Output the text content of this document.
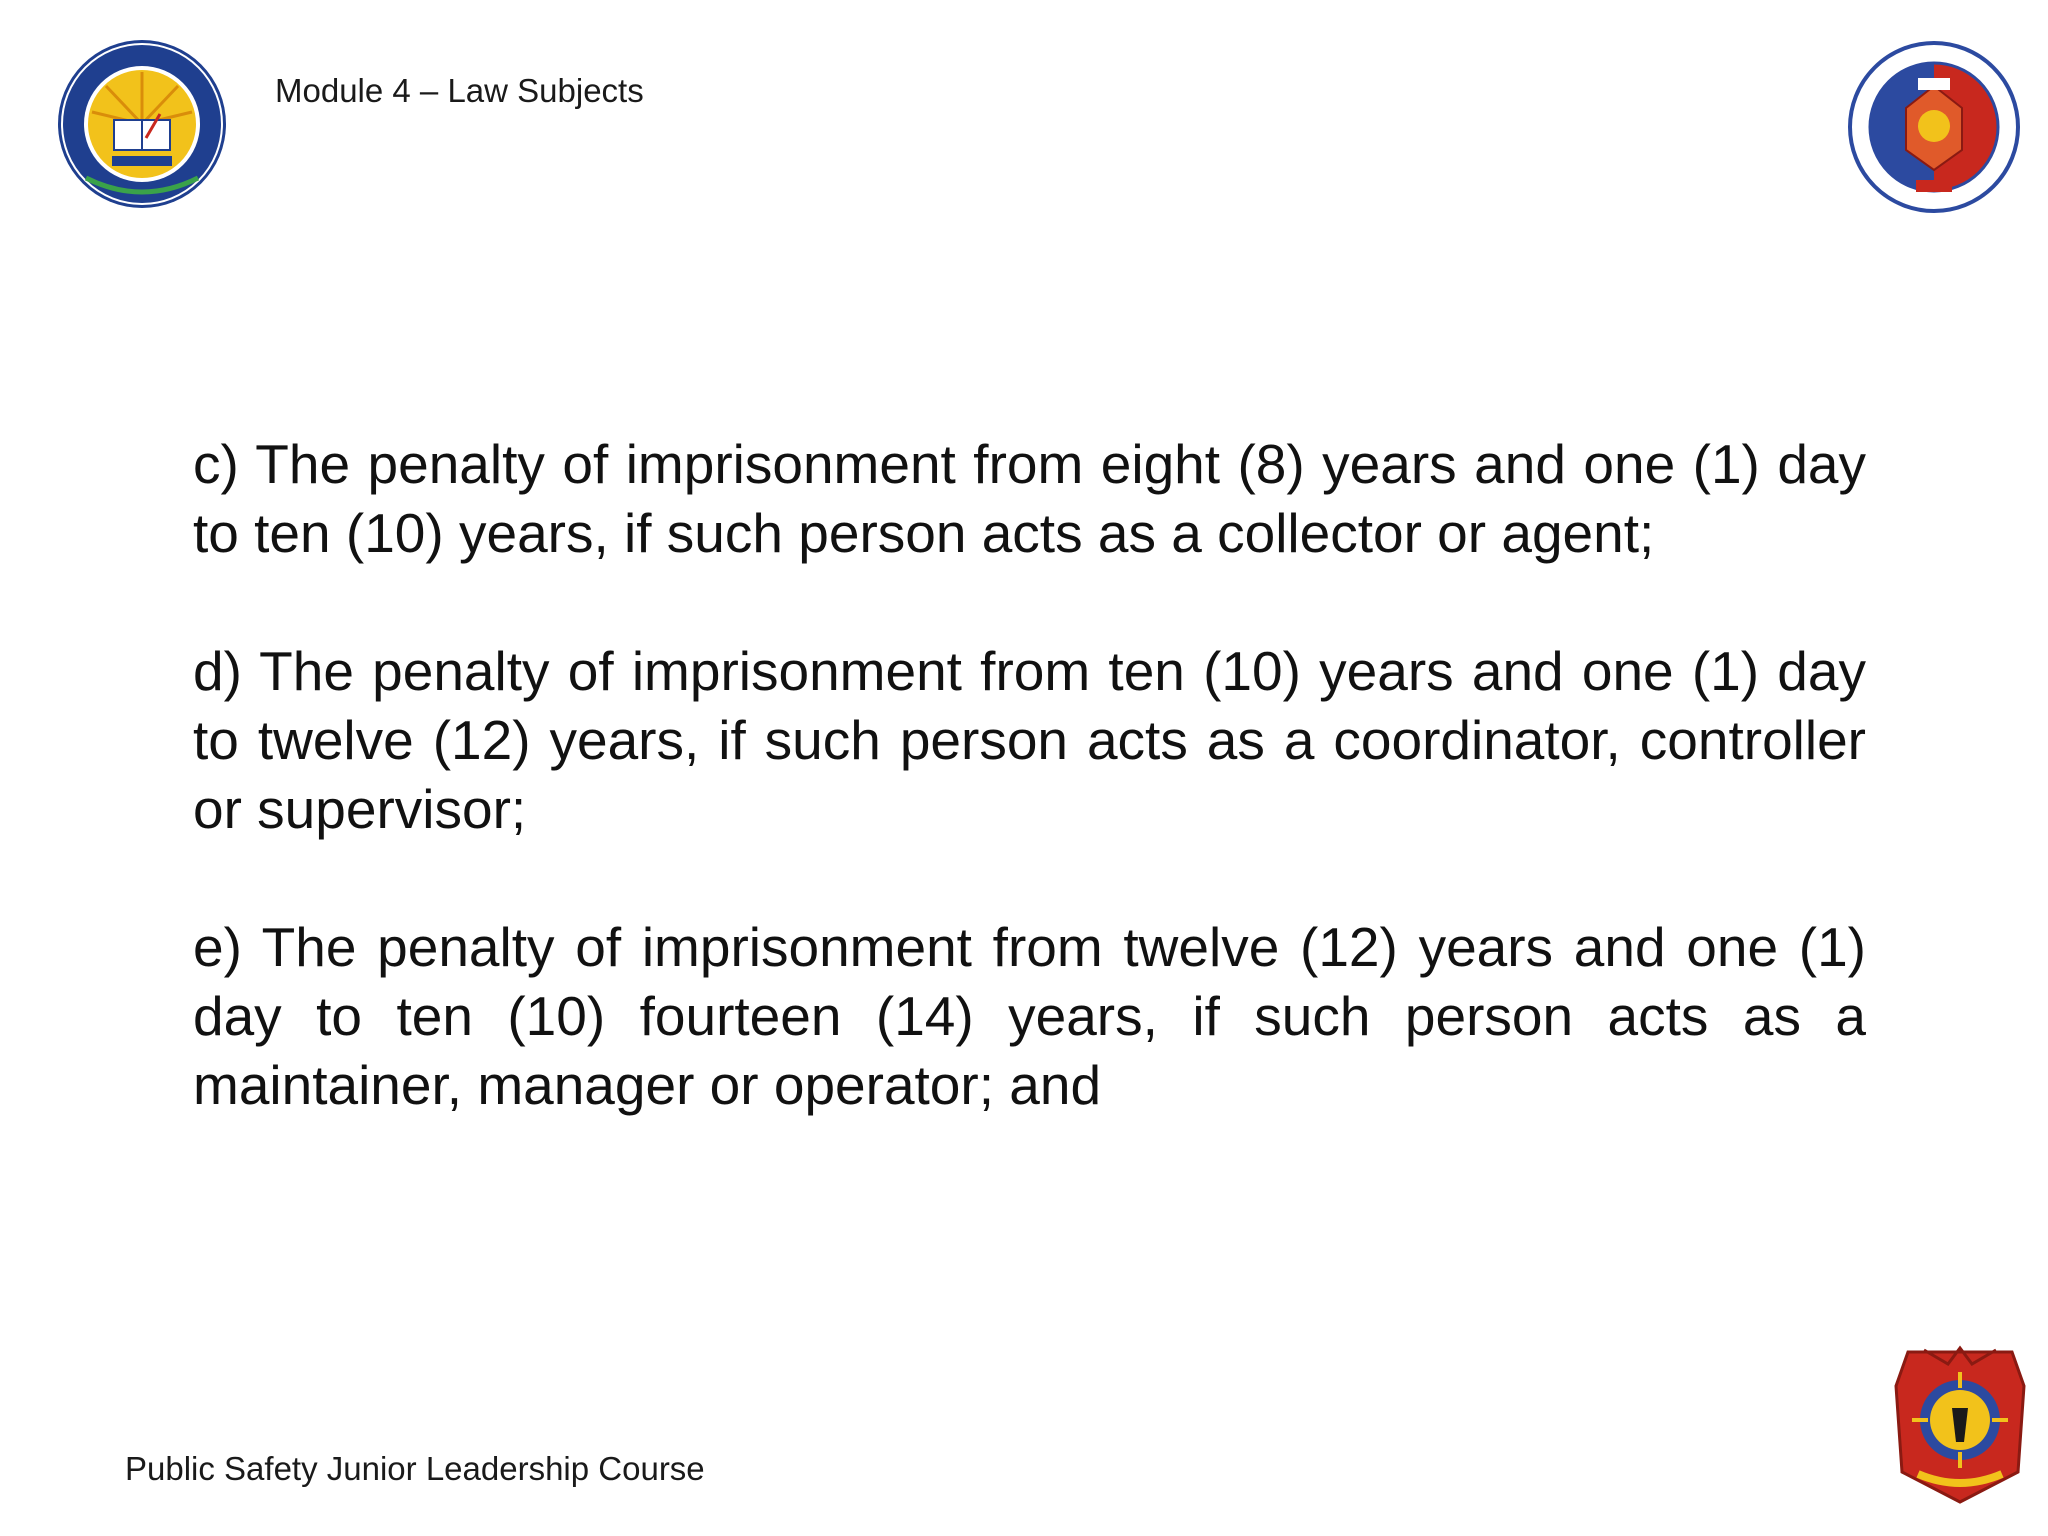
Module 4 – Law Subjects

c) The penalty of imprisonment from eight (8) years and one (1) day to ten (10) years, if such person acts as a collector or agent;

d) The penalty of imprisonment from ten (10) years and one (1) day to twelve (12) years, if such person acts as a coordinator, controller or supervisor;

e) The penalty of imprisonment from twelve (12) years and one (1) day to ten (10) fourteen (14) years, if such person acts as a maintainer, manager or operator; and

Public Safety Junior Leadership Course
